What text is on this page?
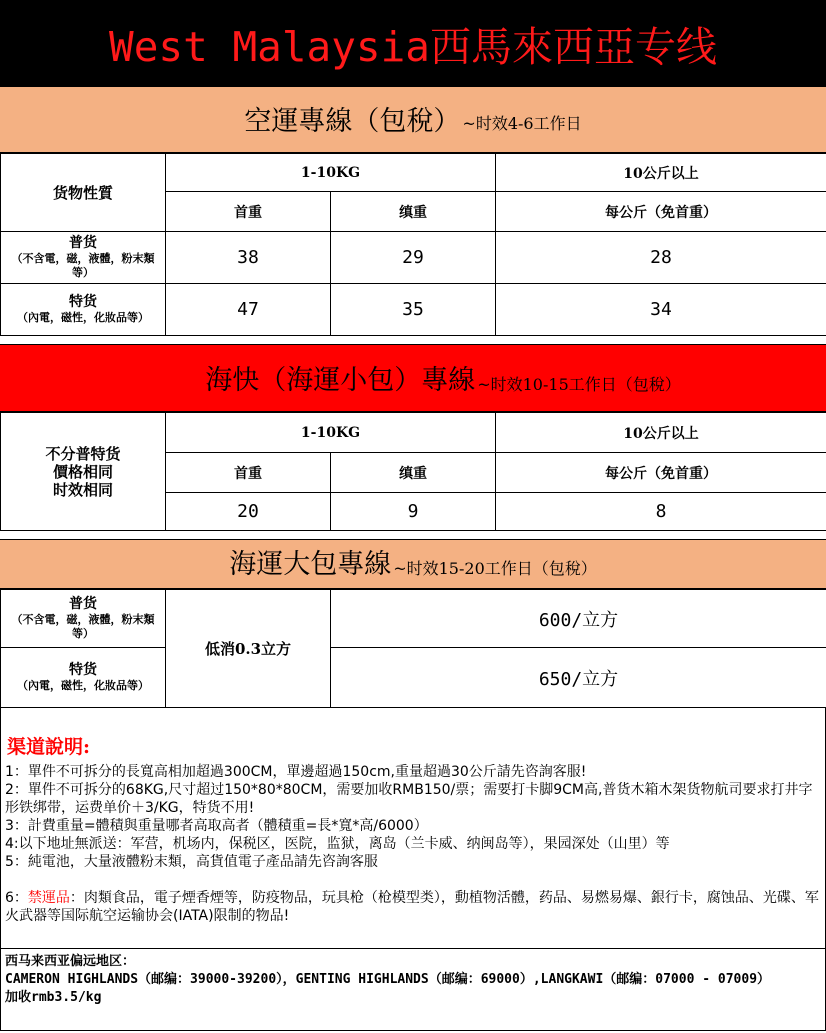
West Malaysia西馬來西亞专线
空運專線（包稅） ~时效4-6工作日
货物性質	1-10KG		10公斤以上
	首重	缜重	每公斤（免首重）

普货
（不含電，磁，液體，粉末類等）	38	29	28

特货
（內電，磁性，化妝品等）	47	35	34
海快（海運小包）專線 ~时效10-15工作日（包稅）
不分普特货
價格相同
时效相同	1-10KG		10公斤以上
	首重	缜重	每公斤（免首重）
	20	9	8
海運大包專線 ~时效15-20工作日（包稅）
普货
（不含電，磁，液體，粉末類等）	低消0.3立方	600/立方

特货
（內電，磁性，化妝品等）		650/立方
渠道說明:
1：單件不可拆分的長寬高相加超過300CM，單邊超過150cm,重量超過30公斤請先咨詢客服!
2：單件不可拆分的68KG,尺寸超过150*80*80CM，需要加收RMB150/票；需要打卡脚9CM高,普货木箱木架货物航司要求打井字形铁绑带，运费单价＋3/KG，特货不用!
3：計費重量=體積與重量哪者高取高者（體積重=長*寬*高/6000）
4:以下地址無派送：军营，机场内，保税区，医院，监狱，离岛（兰卡威、纳闽岛等），果园深处（山里）等
5：純電池，大量液體粉末類，高貨值電子產品請先咨詢客服
6：禁運品：肉類食品，電子煙香煙等，防疫物品，玩具枪（枪模型类），動植物活體，药品、易燃易爆、銀行卡，腐蚀品、光碟、军火武器等国际航空运输协会(IATA)限制的物品!
西马来西亚偏远地区：
CAMERON HIGHLANDS（邮编：39000-39200），GENTING HIGHLANDS（邮编：69000）,LANGKAWI（邮编：07000 - 07009）
加收rmb3.5/kg
